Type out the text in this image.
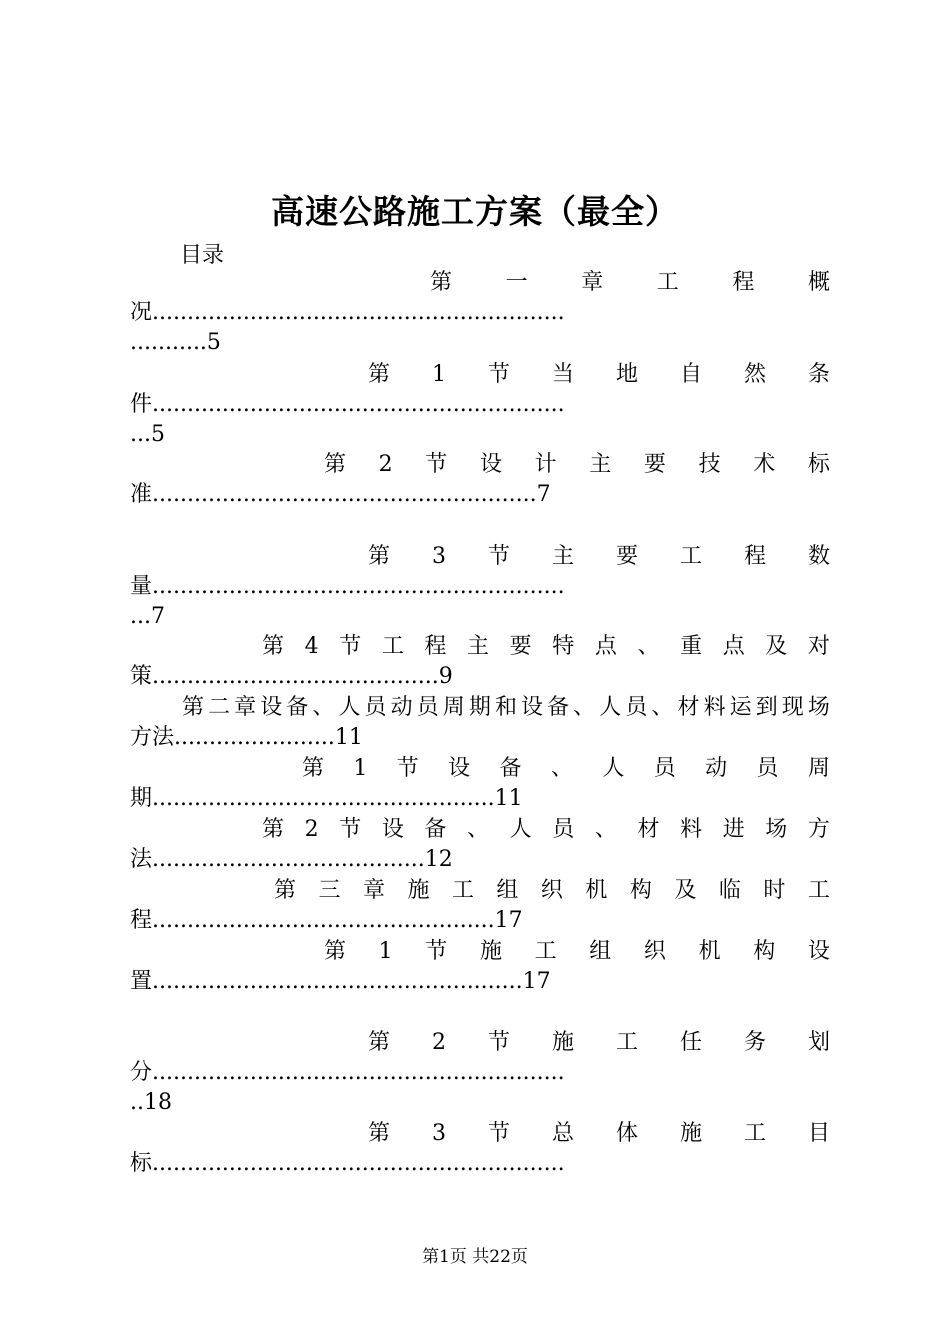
高速公路施工方案（最全）
目录
第 一 章 工 程 概
况...........................................................
...........5
第 1 节 当 地 自 然 条
件...........................................................
...5
第 2 节 设 计 主 要 技 术 标
准.......................................................7
第 3 节 主 要 工 程 数
量...........................................................
...7
第 4 节 工 程 主 要 特 点 、 重 点 及 对
策.........................................9
第 二 章 设 备 、 人 员 动 员 周 期 和 设 备 、 人 员 、 材 料 运 到 现 场
方法.......................11
第 1 节 设 备 、 人 员 动 员 周
期.................................................11
第 2 节 设 备 、 人 员 、 材 料 进 场 方
法.......................................12
第 三 章 施 工 组 织 机 构 及 临 时 工
程.................................................17
第 1 节 施 工 组 织 机 构 设
置.....................................................17
第 2 节 施 工 任 务 划
分...........................................................
..18
第 3 节 总 体 施 工 目
标...........................................................
第1页 共22页
